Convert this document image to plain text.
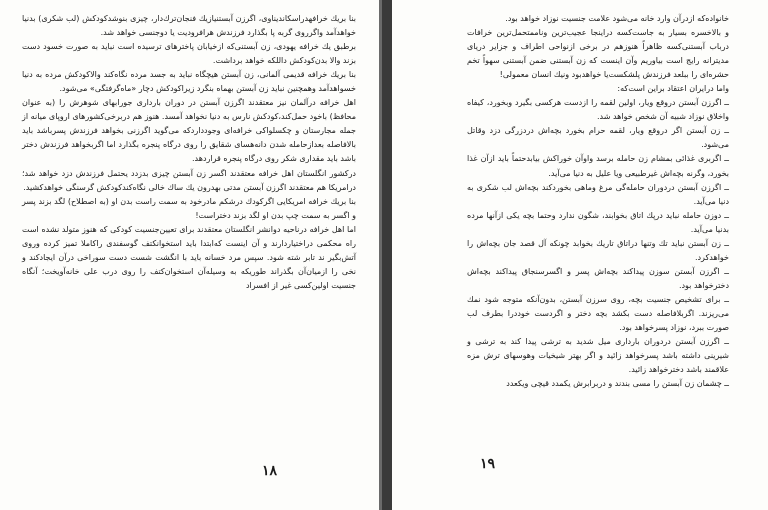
بنا بریك خرافهدراسكاندیناوی، اگرزن آبستنیازیك فنجان‌ترك‌دار، چیزی بنوشدکودکش (لب شکری) بدنیا خواهدآمد واگرروی گربه پا بگذارد فرزندش هرافرودیت یا دوجنسی خواهد شد.

برطبق یك خرافه یهودی، زن آبستنی‌که ازخیابان پاخترهای ترسیده است نباید به صورت خسود دست بزند والا بدن‌کودکش داللکه‌ خواهد برداشت.

بنا بریك خرافه قدیمی آلمانی، زن آبستن هیچگاه نباید به جسد مرده نگاه‌کند والاکودکش مرده به دنیا خسواهدآمد وهمچنین نباید زن آبستن بهماه بنگرد زیراکودکش دچار «ماه‌گرفتگی» می‌شود.

اهل خرافه درآلمان نیز معتقدند اگرزن آبستن در دوران بارداری جورابهای شوهرش را (به عنوان محافظ) باخود حمل‌کند،کودکش نارس به دنیا نخواهد آمسد. هنوز هم دربرخی‌کشورهای اروپای میانه از جمله مجارستان و چکسلواکی خرافه‌ای وجوددارد‌که می‌گوید اگرزنی بخواهد فرزندش پسرباشد باید بالافاصله بعدازحامله شدن دانه‌هسای شقایق را روی درگاه پنجره بگذارد اما اگربخواهد فرزندش دختر باشد باید مقداری شکر روی درگاه پنجره قراردهد.

در‌کشور انگلستان اهل خرافه معتقدند اگسر زن آبستن چیزی بدزدد یحتمل فرزندش دزد خواهد شد؛ درامریکا هم معتقدند اگرزن آبستن مدتی بهدرون یك ساك خالی نگاه‌کندکودکش گرسنگی خواهدکشید.

بنا بریك خرافه امریکایی اگرکودك درشکم مادرخود به سمت راست بدن او (به اصطلاح) لگد بزند پسر و اگسر به سمت چپ بدن او لگد بزند دختراست!

اما اهل خرافه درناحیه دوانشر انگلستان معتقدند برای تعیین‌جنسیت کودکی که هنوز متولد نشده است راه محکمی درا‌ختیاردارند و آن اینست که‌‌ابتدا باید استخوانکتف گوسفندی را‌کاملا تمیز کرده وروی آتش‌بگیر ند تا‌بر شته شود. سپس مرد خسانه باید با انگشت شست دست سوراخی درآن ایجادکند و نخی را ازمیان‌آن بگذراند‌ طوریکه به وسیله‌آن استخوان‌کتف را روی درب علی خانه‌آویخت؛ آنگاه جنسیت اولین‌کسی غیر از افسراد

۱۸

خانواده‌که ازدرآن وارد خانه می‌شود علامت جنسیت نوزاد خواهد بود.

و بالاخسره بسیار به جاست‌کسه دراینجا عجیب‌ترین وناممتحمل‌ترین خرافات درباب آبستنی‌کسه ظاهراً هنوزهم در برخی ازنواحی اطراف و جزایر دریای مدیترانه رایج است بیاوریم وآن اینست که‌ زن آبستنی ضمن آبستنی سهواً تخم‌ حشره‌ای را ببلعد فرزندش پلشکست‌یا خواهدبود ونیك انسان معمولی!

واما درایران اعتقاد براین است‌که:

ــ اگرزن آبستن دروقع ویار، اولین لقمه را ازدست هرکسی بگیرد وبخورد، کیفاه واخلاق نوزاد شبیه آن شخص خواهد شد.

ــ زن آبستن اگر دروقع ویار، لقمه حرام بخورد بچه‌اش دردزرگی دزد وقاتل می‌شود.

ــ اگربری غذائی بمشام زن حامله برسد واوآن خوراكش بیابدحتماً باید ازآن غذا بخورد، وگرنه بچه‌اش غیرطبیعی ویا علیل به دنیا می‌آید.

ــ اگرزن آبستن دردوران حامله‌گی مرغ وماهی بخوردکند بچه‌اش لب شکری به دنیا می‌آید.

ــ دوزن حامله نباید درپك اتاق بخوابند، شگون ندارد وحتما بچه یکی ازآنها مرده بدنیا می‌آید.

ــ زن آبستن نباید تك وتنها دراتاق تاریك بخوابد چونکه آل قصد جان بچه‌اش را خواهدکرد.

ــ اگرزن آبستن سوزن پیداکند بچه‌اش پسر و اگسرسنجاق پیداکند بچه‌اش دخترخواهد بود.

ــ برای تشخیص جنسیت بچه، روی سرزن آبستن، بدون‌آنکه متوجه شود نمك می‌ریزند. اگربلافاصله دست بکشد بچه دختر و اگردست خوددرا بطرف لب صورت ببرد، نوزاد پسرخواهد بود.

ــ اگرزن آبستن دردوران بارداری میل شدید به ترشی پیدا کند به ترشی و شیرینی داشته باشد پسرخواهد زائید و اگر بهتر شیخیات وهوسهای ترش مزه علاقمند باشد دخترخواهد زائید.

ــ چشمان زن آبستن را مسی بندند و دربرابرش یکمدد قیچی ویکعدد

۱۹
